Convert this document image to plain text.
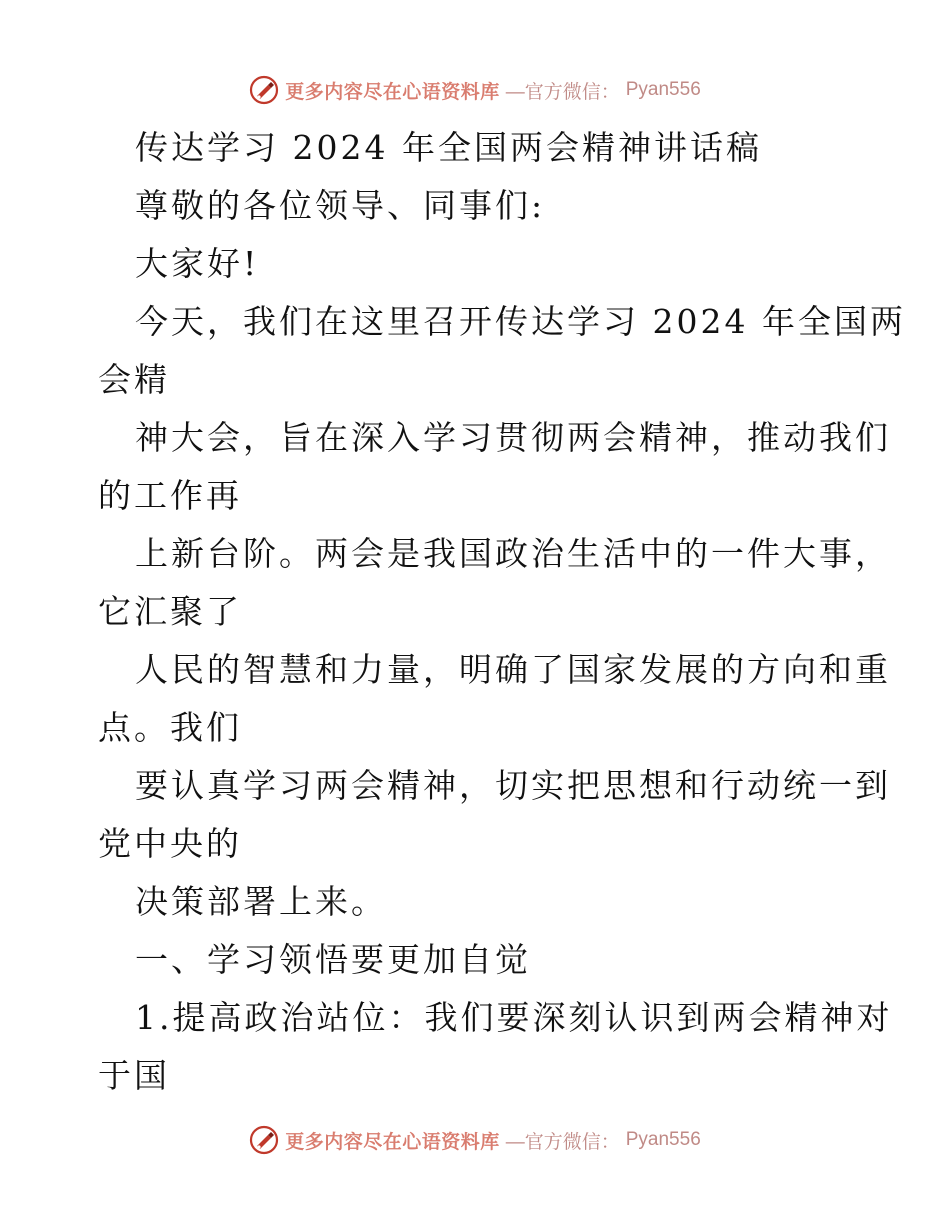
更多内容尽在心语资料库 —官方微信： Pyan556
传达学习 2024 年全国两会精神讲话稿
尊敬的各位领导、同事们:
大家好!
今天，我们在这里召开传达学习 2024 年全国两
会精
神大会，旨在深入学习贯彻两会精神，推动我们
的工作再
上新台阶。两会是我国政治生活中的一件大事，
它汇聚了
人民的智慧和力量，明确了国家发展的方向和重
点。我们
要认真学习两会精神，切实把思想和行动统一到
党中央的
决策部署上来。
一、学习领悟要更加自觉
1.提高政治站位：我们要深刻认识到两会精神对
于国
更多内容尽在心语资料库 —官方微信： Pyan556
